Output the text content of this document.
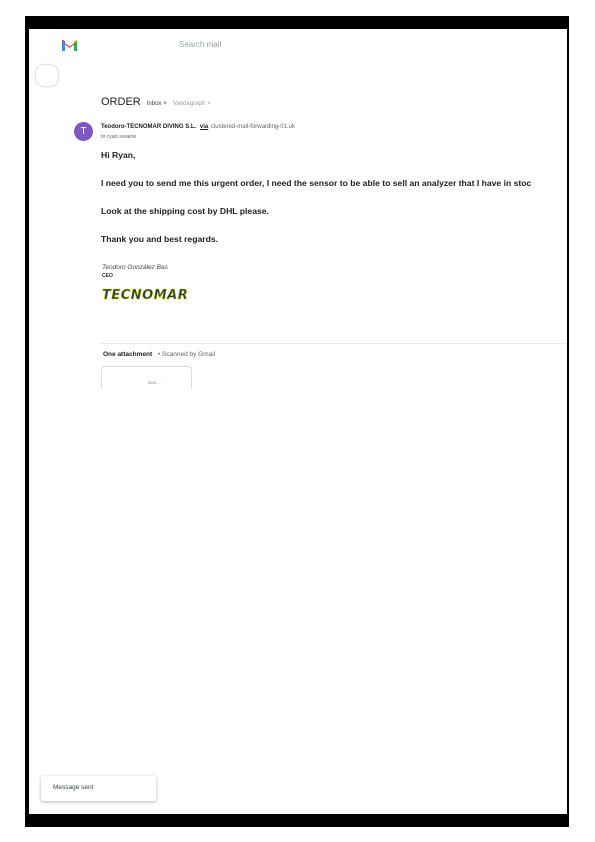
Search mail
ORDER Inbox × Vandagraph ×
T	Teodoro-TECNOMAR DIVING S.L. via clustered-mail-forwarding-01.uk
to ryan.swaine
Hi Ryan,
I need you to send me this urgent order, I need the sensor to be able to sell an analyzer that I have in stoc
Look at the shipping cost by DHL please.
Thank you and best regards.
Teodoro González Bas
CEO
TECNOMAR
One attachment • Scanned by Gmail
BDN ...
Message sent
